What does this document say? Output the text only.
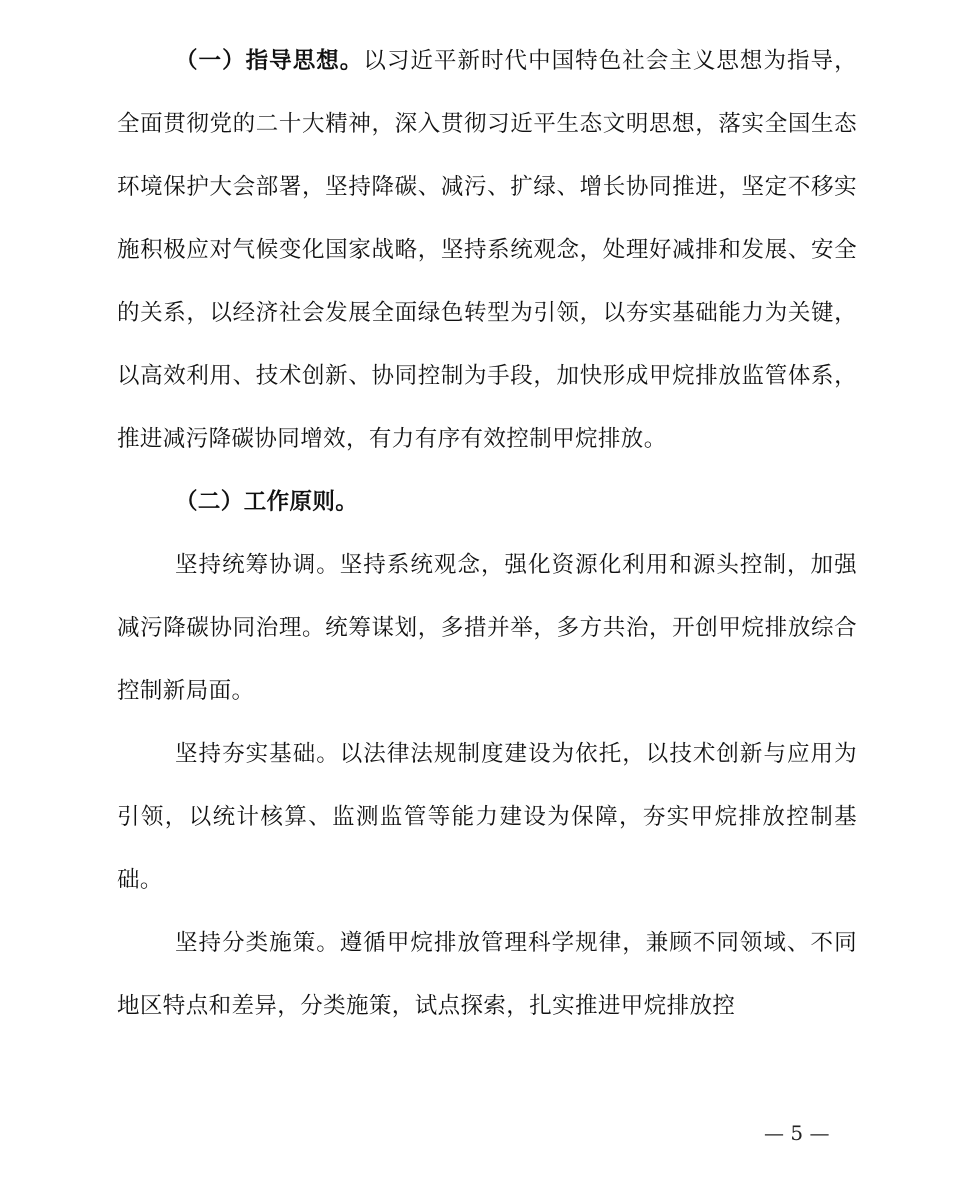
（一）指导思想。以习近平新时代中国特色社会主义思想为指导，全面贯彻党的二十大精神，深入贯彻习近平生态文明思想，落实全国生态环境保护大会部署，坚持降碳、减污、扩绿、增长协同推进，坚定不移实施积极应对气候变化国家战略，坚持系统观念，处理好减排和发展、安全的关系，以经济社会发展全面绿色转型为引领，以夯实基础能力为关键，以高效利用、技术创新、协同控制为手段，加快形成甲烷排放监管体系，推进减污降碳协同增效，有力有序有效控制甲烷排放。

（二）工作原则。

坚持统筹协调。坚持系统观念，强化资源化利用和源头控制，加强减污降碳协同治理。统筹谋划，多措并举，多方共治，开创甲烷排放综合控制新局面。

坚持夯实基础。以法律法规制度建设为依托，以技术创新与应用为引领，以统计核算、监测监管等能力建设为保障，夯实甲烷排放控制基础。

坚持分类施策。遵循甲烷排放管理科学规律，兼顾不同领域、不同地区特点和差异，分类施策，试点探索，扎实推进甲烷排放控

— 5 —
